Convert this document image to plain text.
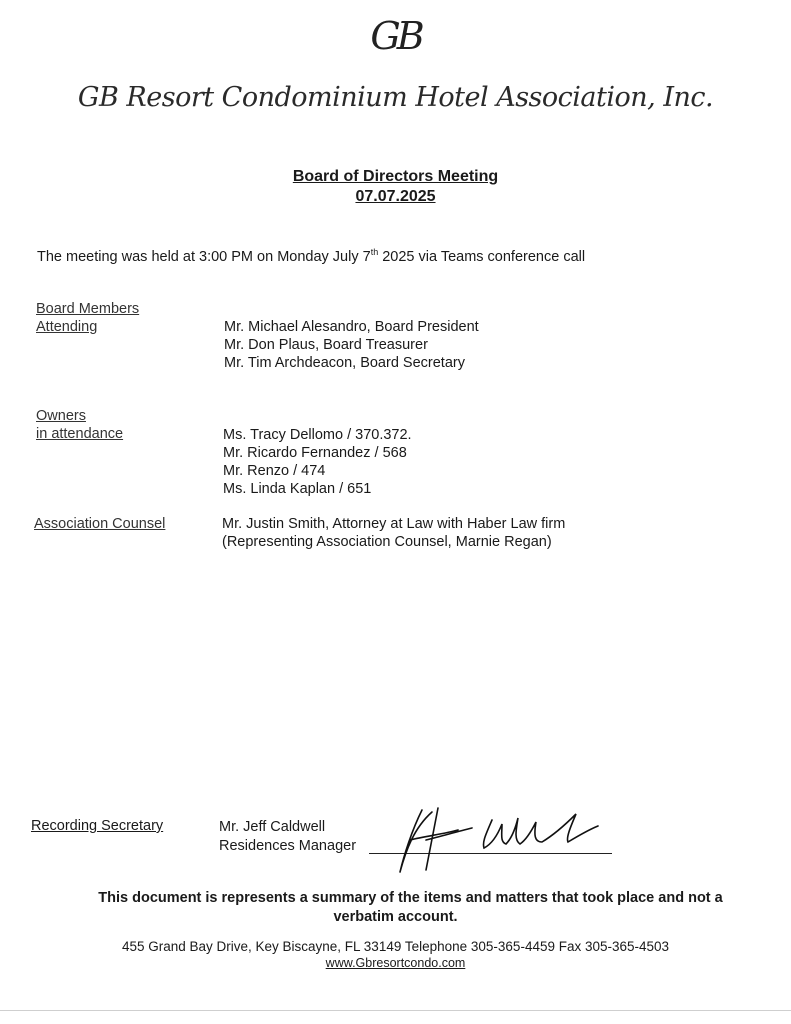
GB
GB Resort Condominium Hotel Association, Inc.
Board of Directors Meeting
07.07.2025
The meeting was held at 3:00 PM on Monday July 7th 2025 via Teams conference call
Board Members
Attending	Mr. Michael Alesandro, Board President
Mr. Don Plaus, Board Treasurer
Mr. Tim Archdeacon, Board Secretary
Owners
in attendance	Ms. Tracy Dellomo / 370.372.
Mr. Ricardo Fernandez / 568
Mr. Renzo / 474
Ms. Linda Kaplan / 651
Association Counsel	Mr. Justin Smith, Attorney at Law with Haber Law firm
(Representing Association Counsel, Marnie Regan)
Recording Secretary	Mr. Jeff Caldwell
Residences Manager
This document is represents a summary of the items and matters that took place and not a
verbatim account.
455 Grand Bay Drive, Key Biscayne, FL 33149 Telephone 305-365-4459 Fax 305-365-4503
www.Gbresortcondo.com
